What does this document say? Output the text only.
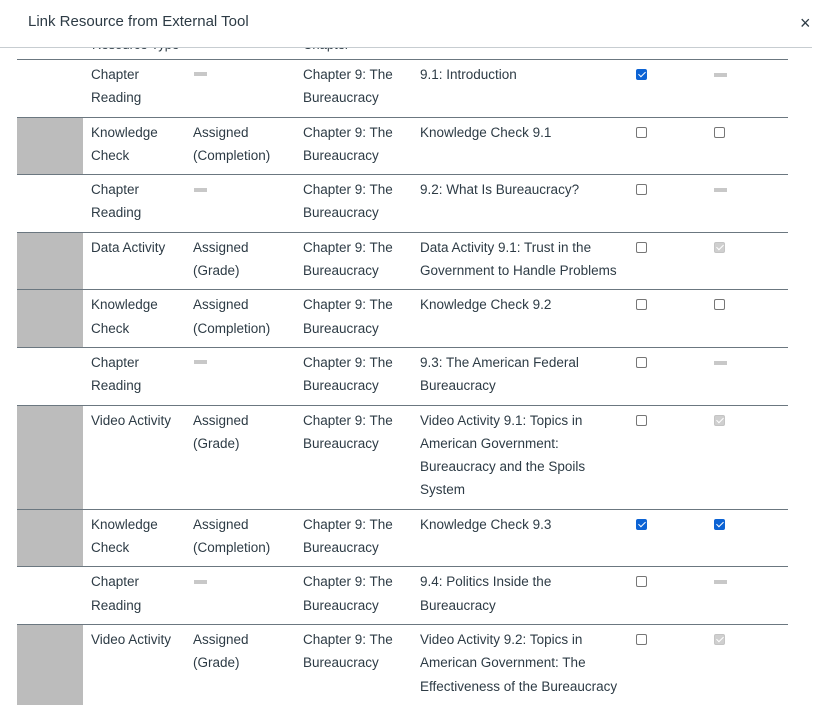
Link Resource from External Tool	×
	Chapter Reading		Chapter 9: The Bureaucracy	9.1: Introduction		
	Knowledge Check	Assigned (Completion)	Chapter 9: The Bureaucracy	Knowledge Check 9.1		
	Chapter Reading		Chapter 9: The Bureaucracy	9.2: What Is Bureaucracy?		
	Data Activity	Assigned (Grade)	Chapter 9: The Bureaucracy	Data Activity 9.1: Trust in the Government to Handle Problems		
	Knowledge Check	Assigned (Completion)	Chapter 9: The Bureaucracy	Knowledge Check 9.2		
	Chapter Reading		Chapter 9: The Bureaucracy	9.3: The American Federal Bureaucracy		
	Video Activity	Assigned (Grade)	Chapter 9: The Bureaucracy	Video Activity 9.1: Topics in American Government: Bureaucracy and the Spoils System		
	Knowledge Check	Assigned (Completion)	Chapter 9: The Bureaucracy	Knowledge Check 9.3		
	Chapter Reading		Chapter 9: The Bureaucracy	9.4: Politics Inside the Bureaucracy		
	Video Activity	Assigned (Grade)	Chapter 9: The Bureaucracy	Video Activity 9.2: Topics in American Government: The Effectiveness of the Bureaucracy		
